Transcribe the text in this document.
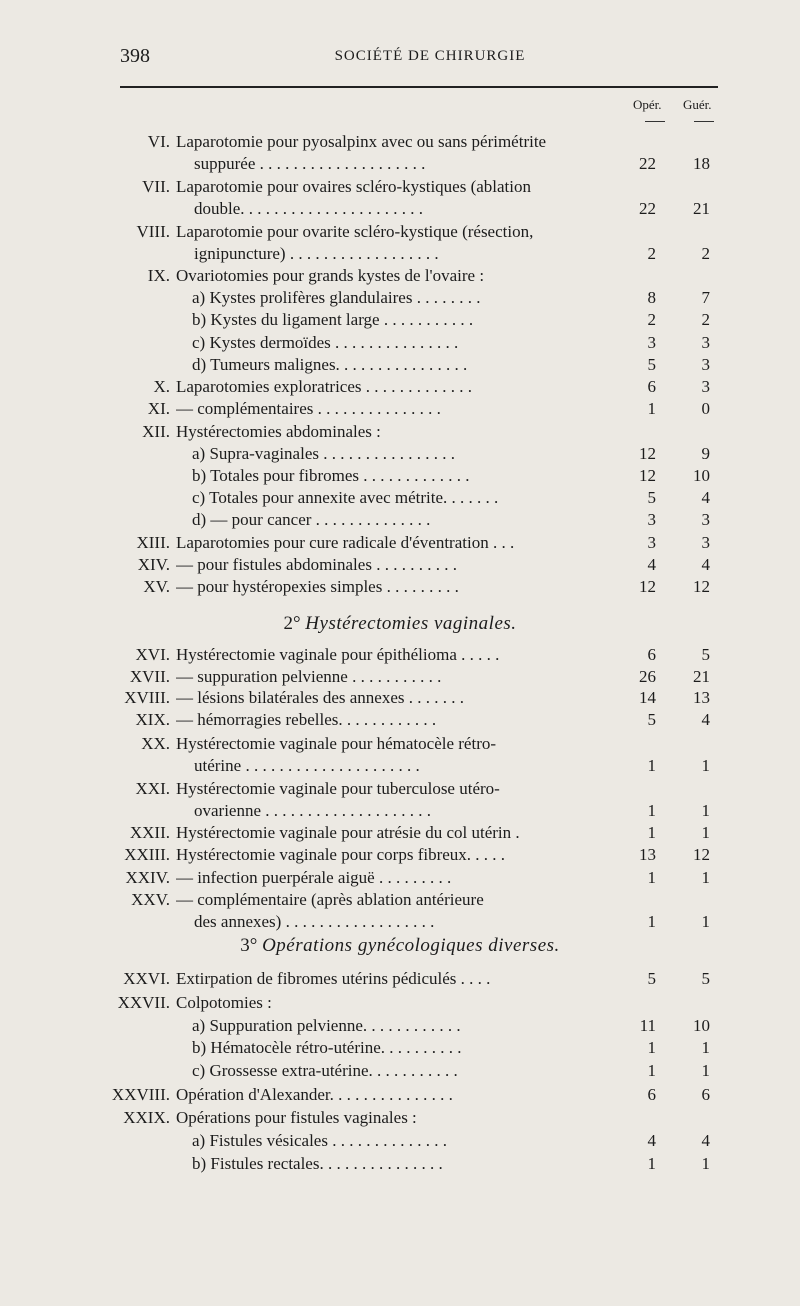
398	SOCIÉTÉ DE CHIRURGIE
Opér. Guér.
VI. Laparotomie pour pyosalpinx avec ou sans périmétrite
suppurée . . . . . . . . . . . . . . . . . . . .	22	18
VII. Laparotomie pour ovaires scléro-kystiques (ablation
double. . . . . . . . . . . . . . . . . . . . . .	22	21
VIII. Laparotomie pour ovarite scléro-kystique (résection,
ignipuncture) . . . . . . . . . . . . . . . . . .	2	2
IX. Ovariotomies pour grands kystes de l'ovaire :
a) Kystes prolifères glandulaires . . . . . . . .	8	7
b) Kystes du ligament large . . . . . . . . . . .	2	2
c) Kystes dermoïdes . . . . . . . . . . . . . . .	3	3
d) Tumeurs malignes. . . . . . . . . . . . . . . .	5	3
X. Laparotomies exploratrices . . . . . . . . . . . . .	6	3
XI. — complémentaires . . . . . . . . . . . . . . .	1	0
XII. Hystérectomies abdominales :
a) Supra-vaginales . . . . . . . . . . . . . . . .	12	9
b) Totales pour fibromes . . . . . . . . . . . . .	12	10
c) Totales pour annexite avec métrite. . . . . . .	5	4
d) — pour cancer . . . . . . . . . . . . . .	3	3
XIII. Laparotomies pour cure radicale d'éventration . . .	3	3
XIV. — pour fistules abdominales . . . . . . . . . .	4	4
XV. — pour hystéropexies simples . . . . . . . . .	12	12
2° Hystérectomies vaginales.
XVI. Hystérectomie vaginale pour épithélioma . . . . .	6	5
XVII. — suppuration pelvienne . . . . . . . . . . .	26	21
XVIII. — lésions bilatérales des annexes . . . . . . .	14	13
XIX. — hémorragies rebelles. . . . . . . . . . . .	5	4
XX. Hystérectomie vaginale pour hématocèle rétro-
utérine . . . . . . . . . . . . . . . . . . . . .	1	1
XXI. Hystérectomie vaginale pour tuberculose utéro-
ovarienne . . . . . . . . . . . . . . . . . . . .	1	1
XXII. Hystérectomie vaginale pour atrésie du col utérin .	1	1
XXIII. Hystérectomie vaginale pour corps fibreux. . . . .	13	12
XXIV. — infection puerpérale aiguë . . . . . . . . .	1	1
XXV. — complémentaire (après ablation antérieure
des annexes) . . . . . . . . . . . . . . . . . .	1	1
3° Opérations gynécologiques diverses.
XXVI. Extirpation de fibromes utérins pédiculés . . . .	5	5
XXVII. Colpotomies :
a) Suppuration pelvienne. . . . . . . . . . . .	11	10
b) Hématocèle rétro-utérine. . . . . . . . . .	1	1
c) Grossesse extra-utérine. . . . . . . . . . .	1	1
XXVIII. Opération d'Alexander. . . . . . . . . . . . . . .	6	6
XXIX. Opérations pour fistules vaginales :
a) Fistules vésicales . . . . . . . . . . . . . .	4	4
b) Fistules rectales. . . . . . . . . . . . . . .	1	1
